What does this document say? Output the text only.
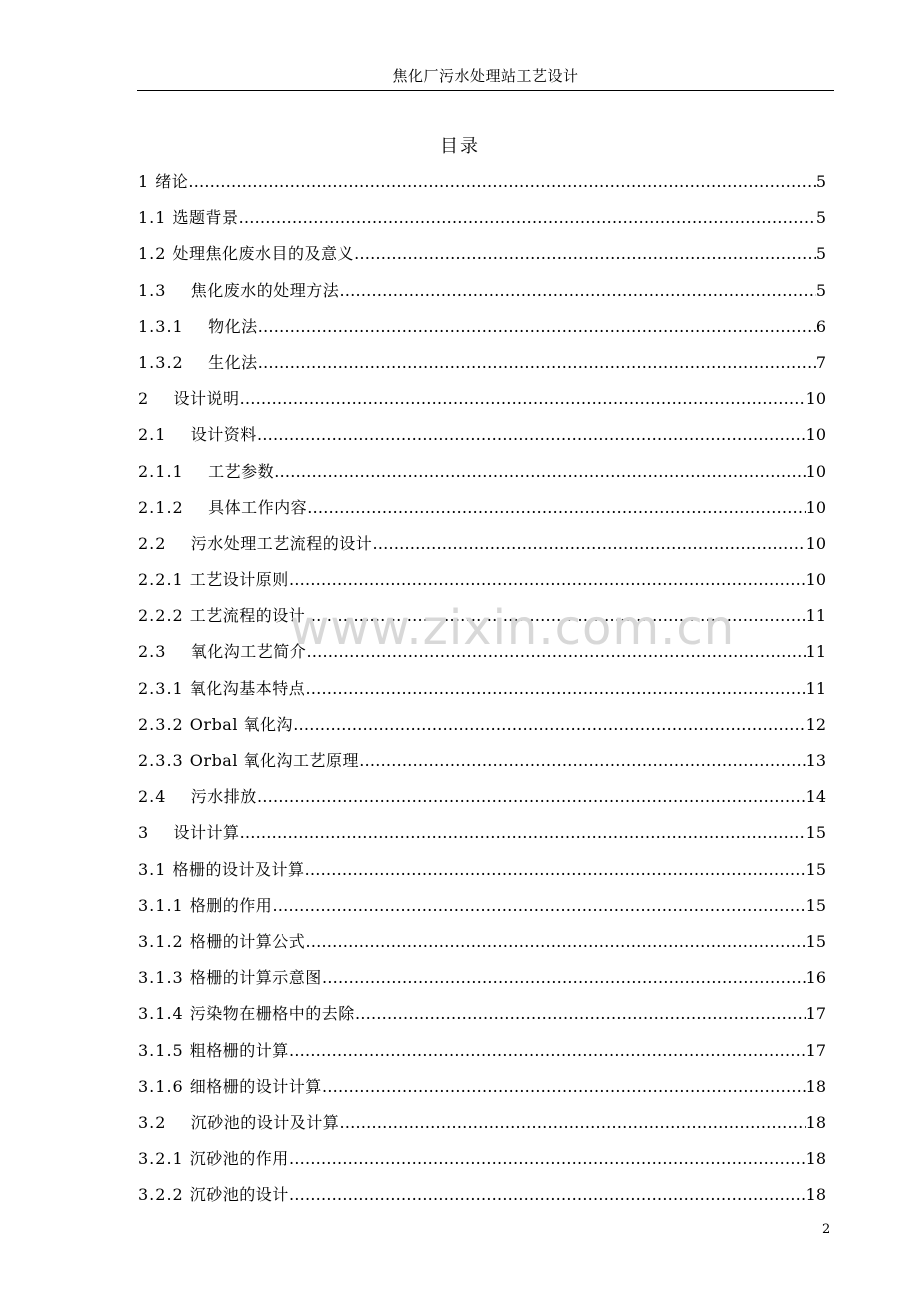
焦化厂污水处理站工艺设计
目录
1 绪论 ……………………………………………………………………………………………………………………………………………………………………………………………………………………	5
1.1 选题背景 ……………………………………………………………………………………………………………………………………………………………………………………………………………………	5
1.2 处理焦化废水目的及意义 ……………………………………………………………………………………………………………………………………………………………………………………………………………………	5
1.3 焦化废水的处理方法 ……………………………………………………………………………………………………………………………………………………………………………………………………………………	5
1.3.1 物化法 ……………………………………………………………………………………………………………………………………………………………………………………………………………………	6
1.3.2 生化法 ……………………………………………………………………………………………………………………………………………………………………………………………………………………	7
2 设计说明 ……………………………………………………………………………………………………………………………………………………………………………………………………………………	10
2.1 设计资料 ……………………………………………………………………………………………………………………………………………………………………………………………………………………	10
2.1.1 工艺参数 ……………………………………………………………………………………………………………………………………………………………………………………………………………………	10
2.1.2 具体工作内容 ……………………………………………………………………………………………………………………………………………………………………………………………………………………	10
2.2 污水处理工艺流程的设计 ……………………………………………………………………………………………………………………………………………………………………………………………………………………	10
2.2.1 工艺设计原则 ……………………………………………………………………………………………………………………………………………………………………………………………………………………	10
2.2.2 工艺流程的设计 ……………………………………………………………………………………………………………………………………………………………………………………………………………………	11
2.3 氧化沟工艺简介 ……………………………………………………………………………………………………………………………………………………………………………………………………………………	11
2.3.1 氧化沟基本特点 ……………………………………………………………………………………………………………………………………………………………………………………………………………………	11
2.3.2 Orbal 氧化沟 ……………………………………………………………………………………………………………………………………………………………………………………………………………………	12
2.3.3 Orbal 氧化沟工艺原理 ……………………………………………………………………………………………………………………………………………………………………………………………………………………	13
2.4 污水排放 ……………………………………………………………………………………………………………………………………………………………………………………………………………………	14
3 设计计算 ……………………………………………………………………………………………………………………………………………………………………………………………………………………	15
3.1 格栅的设计及计算 ……………………………………………………………………………………………………………………………………………………………………………………………………………………	15
3.1.1 格删的作用 ……………………………………………………………………………………………………………………………………………………………………………………………………………………	15
3.1.2 格栅的计算公式 ……………………………………………………………………………………………………………………………………………………………………………………………………………………	15
3.1.3 格栅的计算示意图 ……………………………………………………………………………………………………………………………………………………………………………………………………………………	16
3.1.4 污染物在栅格中的去除 ……………………………………………………………………………………………………………………………………………………………………………………………………………………	17
3.1.5 粗格栅的计算 ……………………………………………………………………………………………………………………………………………………………………………………………………………………	17
3.1.6 细格栅的设计计算 ……………………………………………………………………………………………………………………………………………………………………………………………………………………	18
3.2 沉砂池的设计及计算 ……………………………………………………………………………………………………………………………………………………………………………………………………………………	18
3.2.1 沉砂池的作用 ……………………………………………………………………………………………………………………………………………………………………………………………………………………	18
3.2.2 沉砂池的设计 ……………………………………………………………………………………………………………………………………………………………………………………………………………………	18
www.zixin.com.cn
2
